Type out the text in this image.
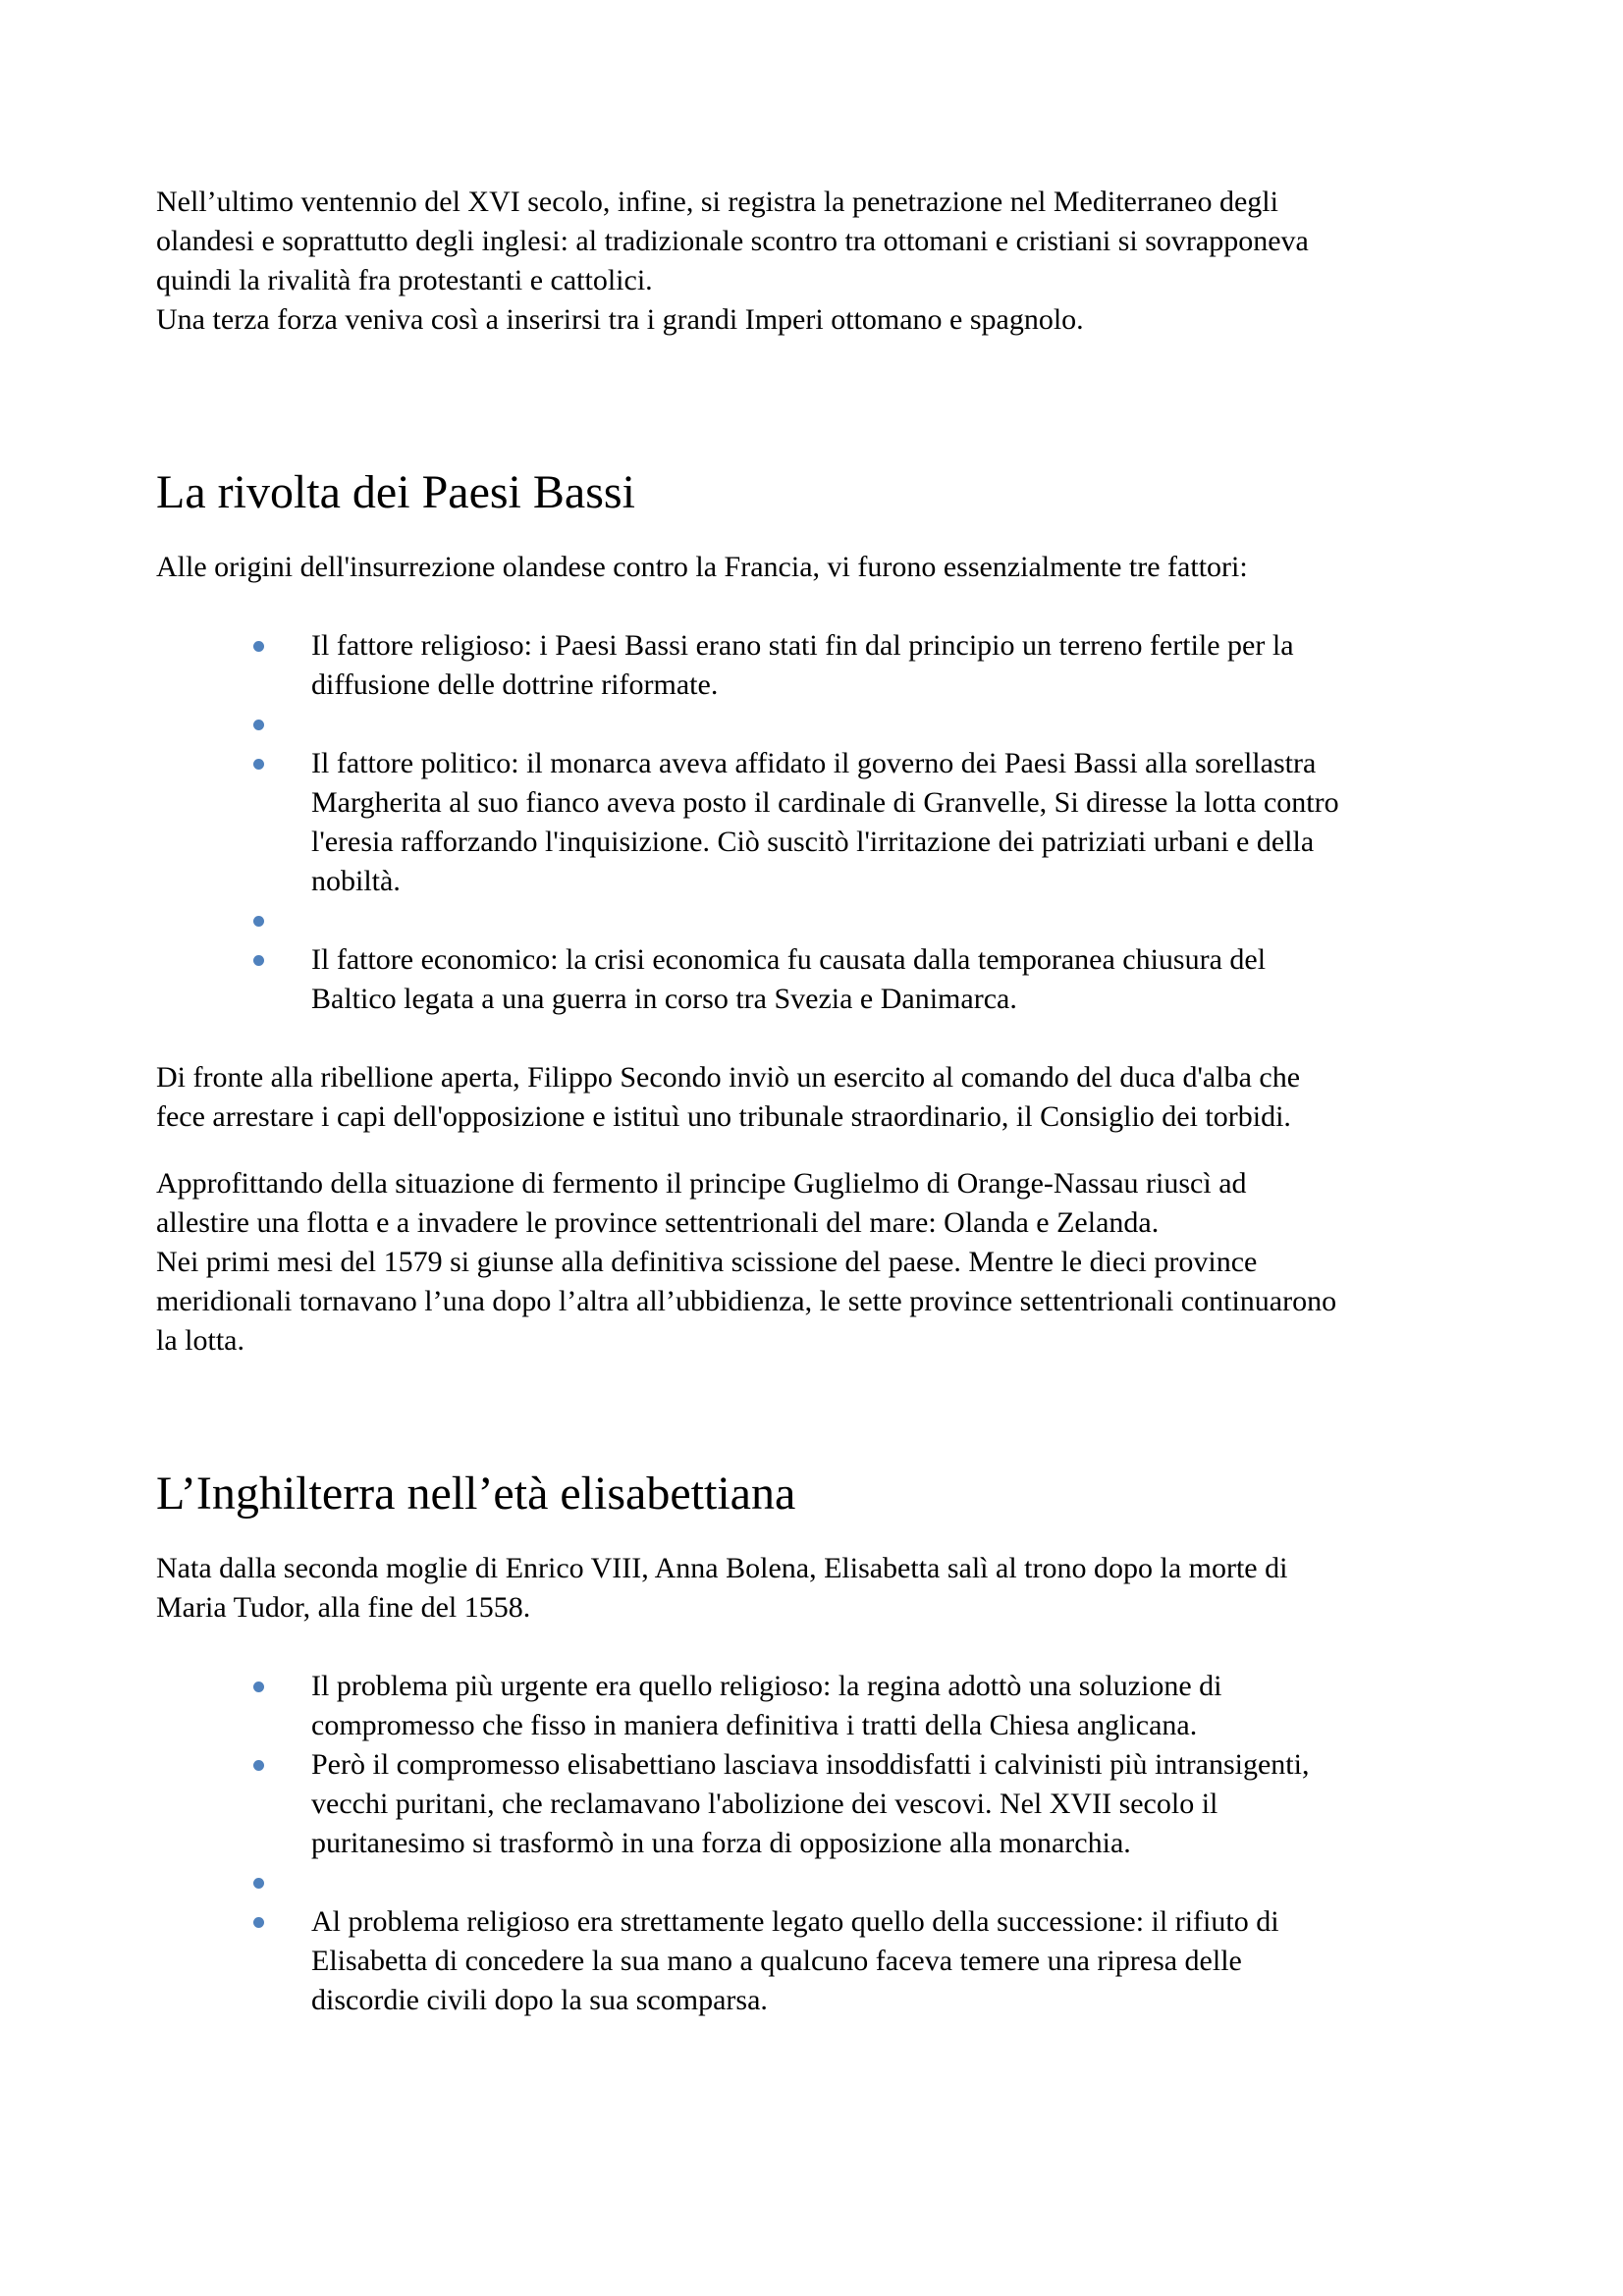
Nell’ultimo ventennio del XVI secolo, infine, si registra la penetrazione nel Mediterraneo degli
olandesi e soprattutto degli inglesi: al tradizionale scontro tra ottomani e cristiani si sovrapponeva
quindi la rivalità fra protestanti e cattolici.
Una terza forza veniva così a inserirsi tra i grandi Imperi ottomano e spagnolo.
La rivolta dei Paesi Bassi
Alle origini dell'insurrezione olandese contro la Francia, vi furono essenzialmente tre fattori:
Il fattore religioso: i Paesi Bassi erano stati fin dal principio un terreno fertile per la
diffusione delle dottrine riformate.
Il fattore politico: il monarca aveva affidato il governo dei Paesi Bassi alla sorellastra
Margherita al suo fianco aveva posto il cardinale di Granvelle, Si diresse la lotta contro
l'eresia rafforzando l'inquisizione. Ciò suscitò l'irritazione dei patriziati urbani e della
nobiltà.
Il fattore economico: la crisi economica fu causata dalla temporanea chiusura del
Baltico legata a una guerra in corso tra Svezia e Danimarca.
Di fronte alla ribellione aperta, Filippo Secondo inviò un esercito al comando del duca d'alba che
fece arrestare i capi dell'opposizione e istituì uno tribunale straordinario, il Consiglio dei torbidi.
Approfittando della situazione di fermento il principe Guglielmo di Orange-Nassau riuscì ad
allestire una flotta e a invadere le province settentrionali del mare: Olanda e Zelanda.
Nei primi mesi del 1579 si giunse alla definitiva scissione del paese. Mentre le dieci province
meridionali tornavano l’una dopo l’altra all’ubbidienza, le sette province settentrionali continuarono
la lotta.
L’Inghilterra nell’età elisabettiana
Nata dalla seconda moglie di Enrico VIII, Anna Bolena, Elisabetta salì al trono dopo la morte di
Maria Tudor, alla fine del 1558.
Il problema più urgente era quello religioso: la regina adottò una soluzione di
compromesso che fisso in maniera definitiva i tratti della Chiesa anglicana.
Però il compromesso elisabettiano lasciava insoddisfatti i calvinisti più intransigenti,
vecchi puritani, che reclamavano l'abolizione dei vescovi. Nel XVII secolo il
puritanesimo si trasformò in una forza di opposizione alla monarchia.
Al problema religioso era strettamente legato quello della successione: il rifiuto di
Elisabetta di concedere la sua mano a qualcuno faceva temere una ripresa delle
discordie civili dopo la sua scomparsa.
